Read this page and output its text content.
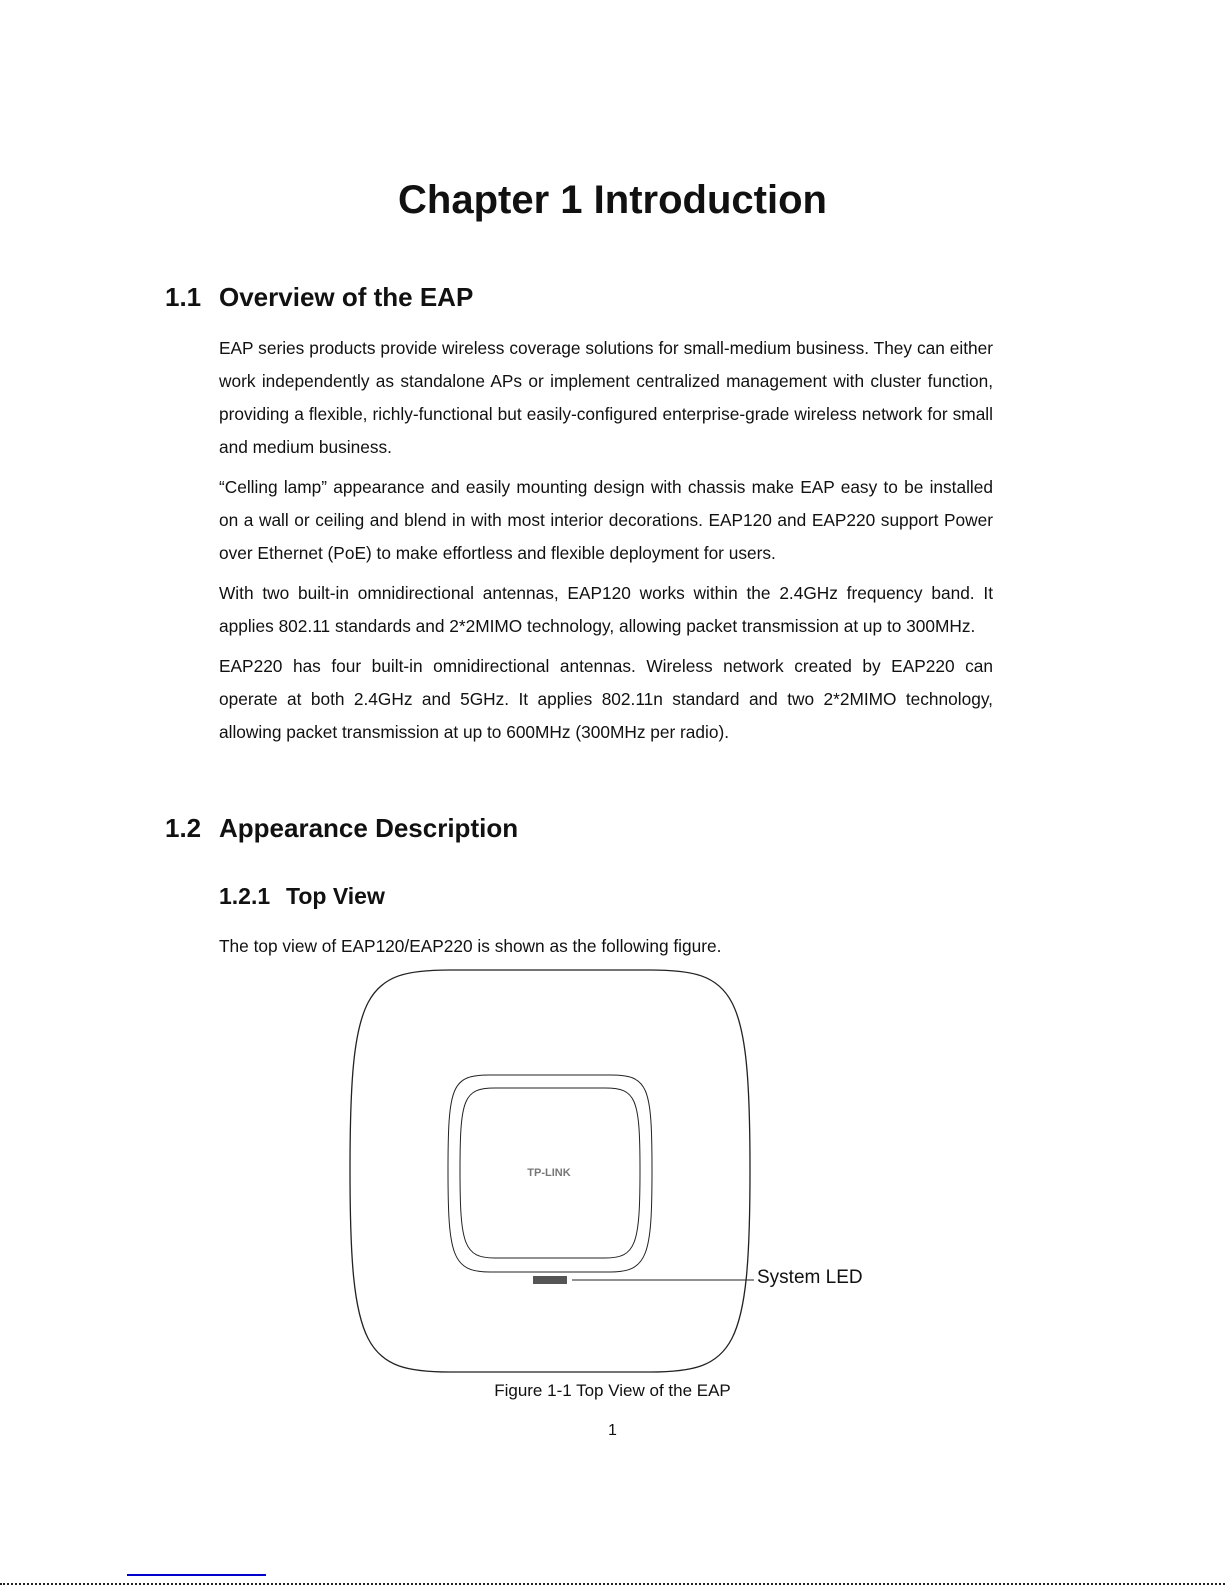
Chapter 1 Introduction
1.1 Overview of the EAP

EAP series products provide wireless coverage solutions for small-medium business. They can either work independently as standalone APs or implement centralized management with cluster function, providing a flexible, richly-functional but easily-configured enterprise-grade wireless network for small and medium business.

“Celling lamp” appearance and easily mounting design with chassis make EAP easy to be installed on a wall or ceiling and blend in with most interior decorations. EAP120 and EAP220 support Power over Ethernet (PoE) to make effortless and flexible deployment for users.

With two built-in omnidirectional antennas, EAP120 works within the 2.4GHz frequency band. It applies 802.11 standards and 2*2MIMO technology, allowing packet transmission at up to 300MHz.

EAP220 has four built-in omnidirectional antennas. Wireless network created by EAP220 can operate at both 2.4GHz and 5GHz. It applies 802.11n standard and two 2*2MIMO technology, allowing packet transmission at up to 600MHz (300MHz per radio).

1.2 Appearance Description
1.2.1 Top View
The top view of EAP120/EAP220 is shown as the following figure.
TP-LINK
System LED
Figure 1-1 Top View of the EAP
1
